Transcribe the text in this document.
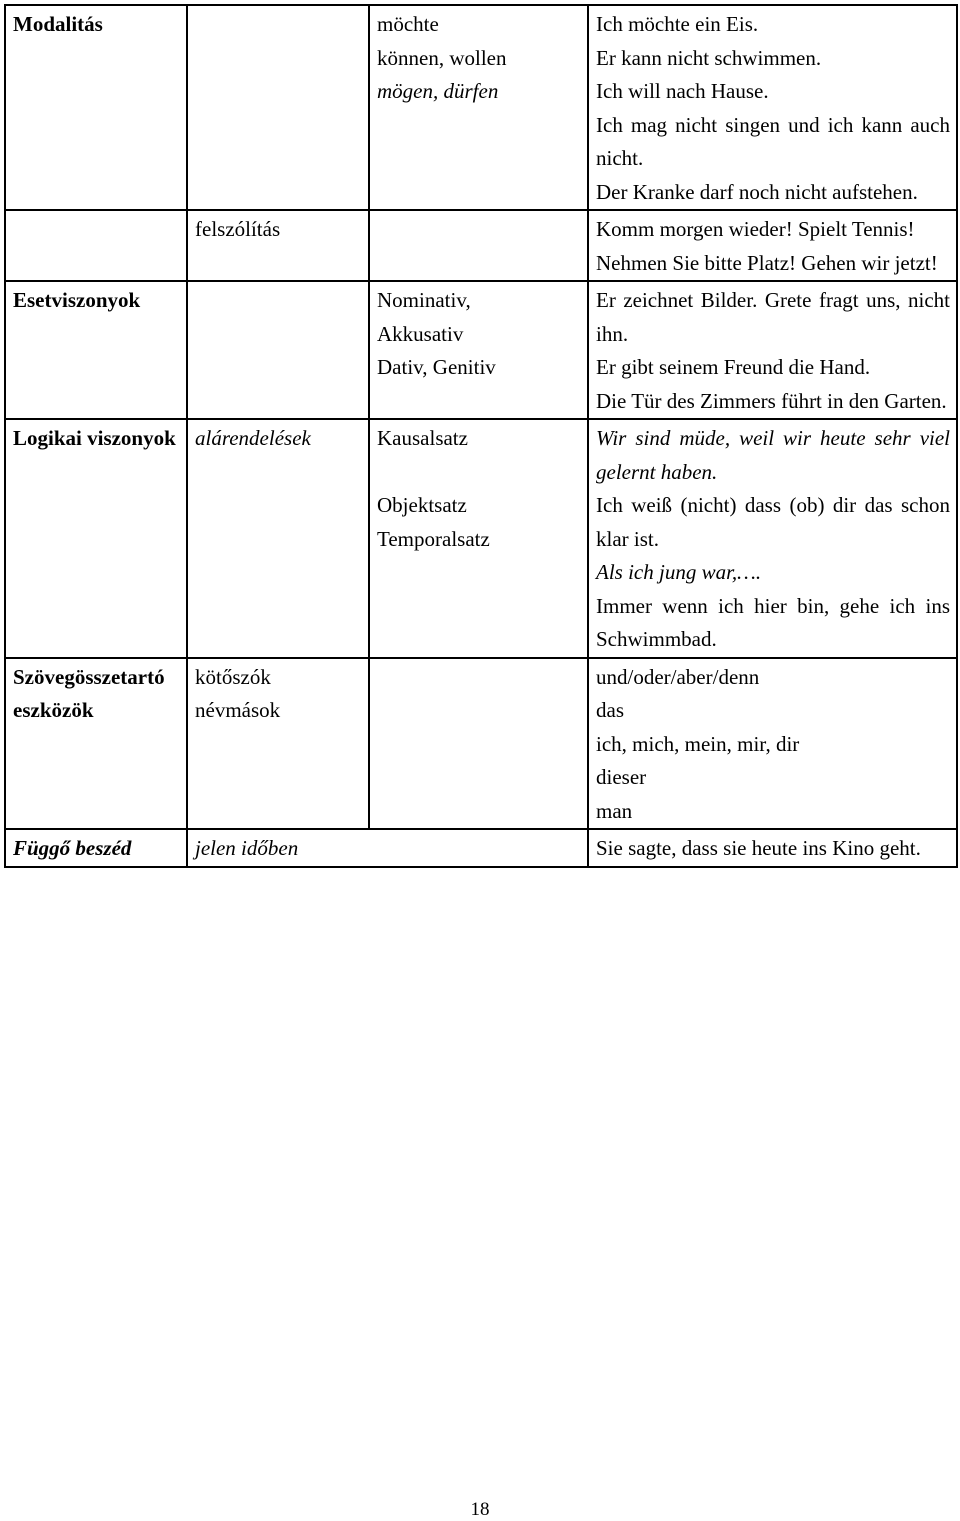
Modalitás		möchte
können, wollen
mögen, dürfen	Ich möchte ein Eis.
Er kann nicht schwimmen.
Ich will nach Hause.
Ich mag nicht singen und ich kann auch nicht.
Der Kranke darf noch nicht aufstehen.

	felszólítás		Komm morgen wieder! Spielt Tennis!
Nehmen Sie bitte Platz! Gehen wir jetzt!

Esetviszonyok		Nominativ,
Akkusativ
Dativ, Genitiv	Er zeichnet Bilder. Grete fragt uns, nicht ihn.
Er gibt seinem Freund die Hand.
Die Tür des Zimmers führt in den Garten.

Logikai viszonyok	alárendelések	Kausalsatz
Objektsatz
Temporalsatz	Wir sind müde, weil wir heute sehr viel gelernt haben.
Ich weiß (nicht) dass (ob) dir das schon klar ist.
Als ich jung war,….
Immer wenn ich hier bin, gehe ich ins Schwimmbad.

Szövegösszetartó eszközök	kötőszók
névmások		und/oder/aber/denn
das
ich, mich, mein, mir, dir
dieser
man

Függő beszéd	jelen időben		Sie sagte, dass sie heute ins Kino geht.
18
